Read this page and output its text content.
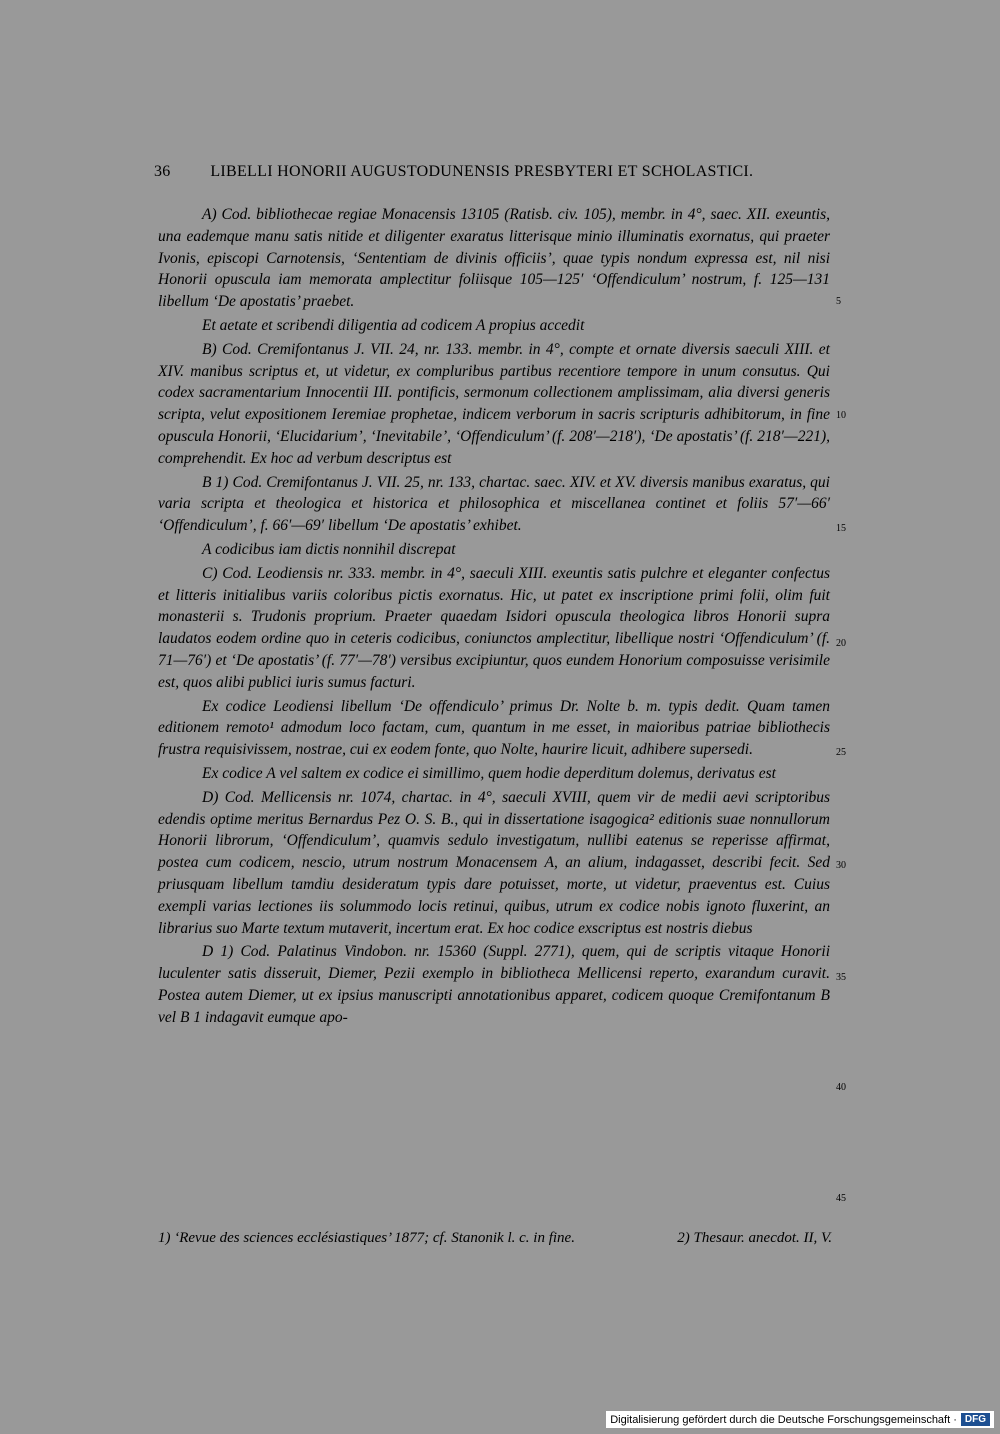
36 LIBELLI HONORII AUGUSTODUNENSIS PRESBYTERI ET SCHOLASTICI.

A) Cod. bibliothecae regiae Monacensis 13105 (Ratisb. civ. 105), membr. in 4°, saec. XII. exeuntis, una eademque manu satis nitide et diligenter exaratus litterisque minio illuminatis exornatus, qui praeter Ivonis, episcopi Carnotensis, ‘Sententiam de divinis officiis’, quae typis nondum expressa est, nil nisi Honorii opuscula iam memorata amplectitur foliisque 105—125′ ‘Offendiculum’ nostrum, f. 125—131 libellum ‘De apostatis’ praebet.

Et aetate et scribendi diligentia ad codicem A propius accedit

B) Cod. Cremifontanus J. VII. 24, nr. 133. membr. in 4°, compte et ornate diversis saeculi XIII. et XIV. manibus scriptus et, ut videtur, ex compluribus partibus recentiore tempore in unum consutus. Qui codex sacramentarium Innocentii III. pontificis, sermonum collectionem amplissimam, alia diversi generis scripta, velut expositionem Ieremiae prophetae, indicem verborum in sacris scripturis adhibitorum, in fine opuscula Honorii, ‘Elucidarium’, ‘Inevitabile’, ‘Offendiculum’ (f. 208′—218′), ‘De apostatis’ (f. 218′—221), comprehendit. Ex hoc ad verbum descriptus est

B 1) Cod. Cremifontanus J. VII. 25, nr. 133, chartac. saec. XIV. et XV. diversis manibus exaratus, qui varia scripta et theologica et historica et philosophica et miscellanea continet et foliis 57′—66′ ‘Offendiculum’, f. 66′—69′ libellum ‘De apostatis’ exhibet.

A codicibus iam dictis nonnihil discrepat

C) Cod. Leodiensis nr. 333. membr. in 4°, saeculi XIII. exeuntis satis pulchre et eleganter confectus et litteris initialibus variis coloribus pictis exornatus. Hic, ut patet ex inscriptione primi folii, olim fuit monasterii s. Trudonis proprium. Praeter quaedam Isidori opuscula theologica libros Honorii supra laudatos eodem ordine quo in ceteris codicibus, coniunctos amplectitur, libellique nostri ‘Offendiculum’ (f. 71—76′) et ‘De apostatis’ (f. 77′—78′) versibus excipiuntur, quos eundem Honorium composuisse verisimile est, quos alibi publici iuris sumus facturi.

Ex codice Leodiensi libellum ‘De offendiculo’ primus Dr. Nolte b. m. typis dedit. Quam tamen editionem remoto¹ admodum loco factam, cum, quantum in me esset, in maioribus patriae bibliothecis frustra requisivissem, nostrae, cui ex eodem fonte, quo Nolte, haurire licuit, adhibere supersedi.

Ex codice A vel saltem ex codice ei simillimo, quem hodie deperditum dolemus, derivatus est

D) Cod. Mellicensis nr. 1074, chartac. in 4°, saeculi XVIII, quem vir de medii aevi scriptoribus edendis optime meritus Bernardus Pez O. S. B., qui in dissertatione isagogica² editionis suae nonnullorum Honorii librorum, ‘Offendiculum’, quamvis sedulo investigatum, nullibi eatenus se reperisse affirmat, postea cum codicem, nescio, utrum nostrum Monacensem A, an alium, indagasset, describi fecit. Sed priusquam libellum tamdiu desideratum typis dare potuisset, morte, ut videtur, praeventus est. Cuius exempli varias lectiones iis solummodo locis retinui, quibus, utrum ex codice nobis ignoto fluxerint, an librarius suo Marte textum mutaverit, incertum erat. Ex hoc codice exscriptus est nostris diebus

D 1) Cod. Palatinus Vindobon. nr. 15360 (Suppl. 2771), quem, qui de scriptis vitaque Honorii luculenter satis disseruit, Diemer, Pezii exemplo in bibliotheca Mellicensi reperto, exarandum curavit. Postea autem Diemer, ut ex ipsius manuscripti annotationibus apparet, codicem quoque Cremifontanum B vel B 1 indagavit eumque apo-

5
10
15
20
25
30
35
40
45
2) Thesaur. anecdot. II, V.
1) ‘Revue des sciences ecclésiastiques’ 1877; cf. Stanonik l. c. in fine.
Digitalisierung gefördert durch die Deutsche Forschungsgemeinschaft · DFG
